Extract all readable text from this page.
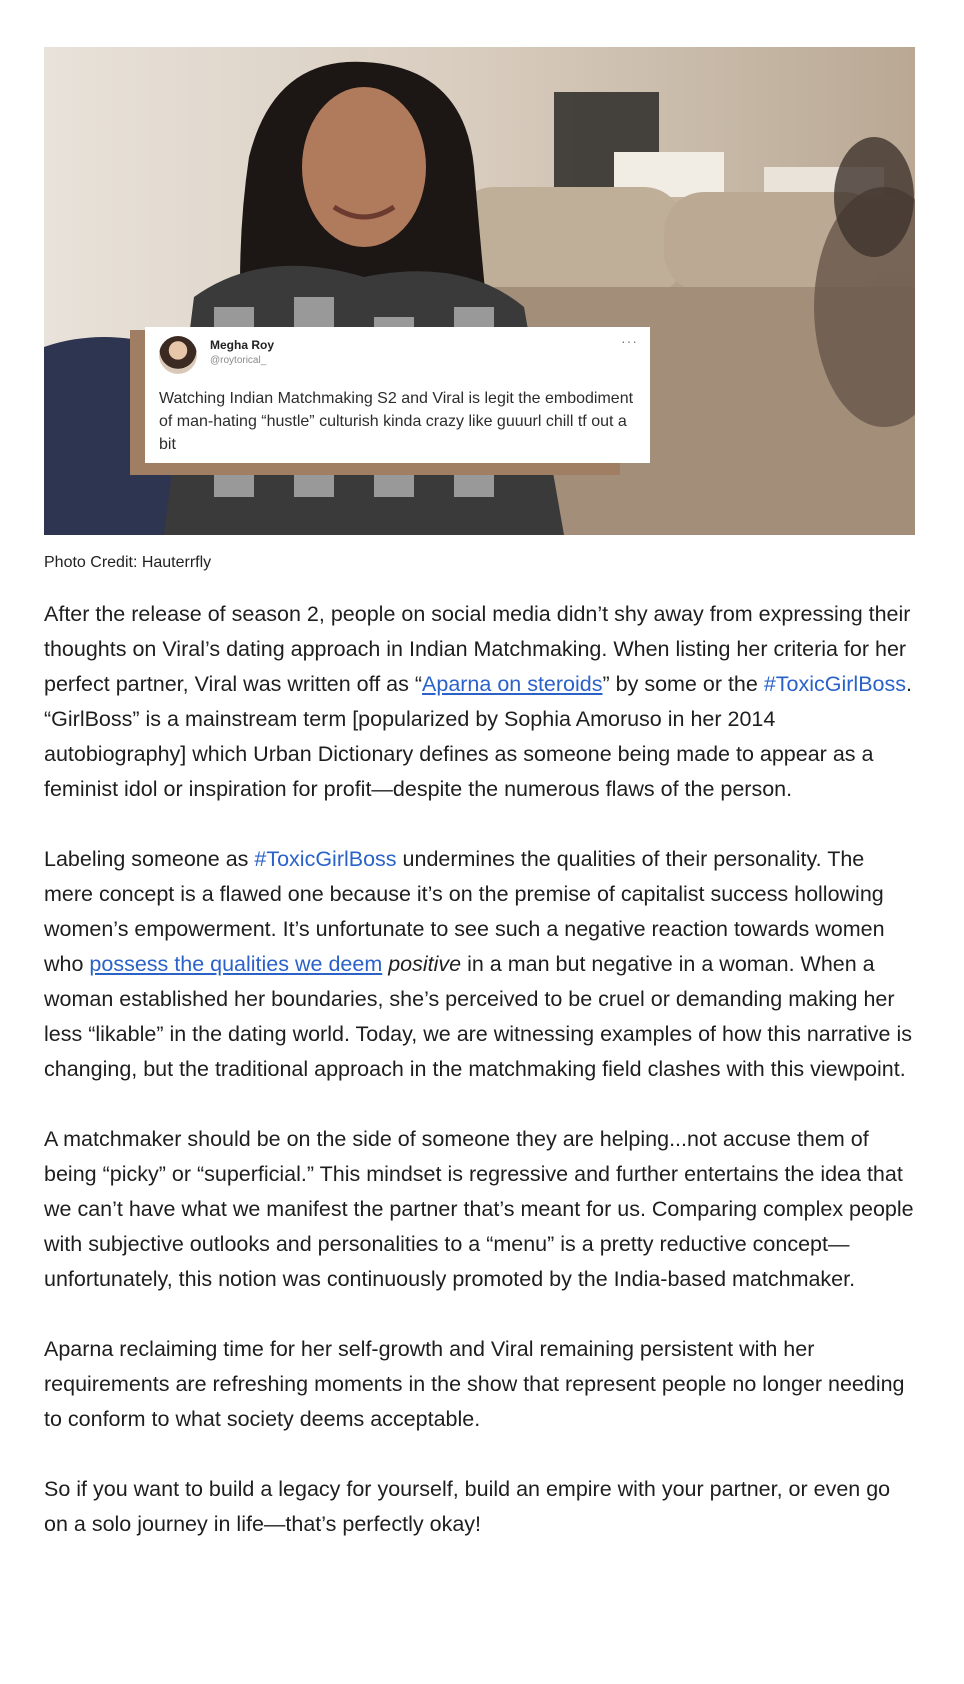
Megha Roy
@roytorical_
···
Watching Indian Matchmaking S2 and Viral is legit the embodiment of man-hating “hustle” culturish kinda crazy like guuurl chill tf out a bit
Photo Credit: Hauterrfly

After the release of season 2, people on social media didn’t shy away from expressing their thoughts on Viral’s dating approach in Indian Matchmaking. When listing her criteria for her perfect partner, Viral was written off as “Aparna on steroids” by some or the #ToxicGirlBoss. “GirlBoss” is a mainstream term [popularized by Sophia Amoruso in her 2014 autobiography] which Urban Dictionary defines as someone being made to appear as a feminist idol or inspiration for profit—despite the numerous flaws of the person.

Labeling someone as #ToxicGirlBoss undermines the qualities of their personality. The mere concept is a flawed one because it’s on the premise of capitalist success hollowing women’s empowerment. It’s unfortunate to see such a negative reaction towards women who possess the qualities we deem positive in a man but negative in a woman. When a woman established her boundaries, she’s perceived to be cruel or demanding making her less “likable” in the dating world. Today, we are witnessing examples of how this narrative is changing, but the traditional approach in the matchmaking field clashes with this viewpoint.

A matchmaker should be on the side of someone they are helping...not accuse them of being “picky” or “superficial.” This mindset is regressive and further entertains the idea that we can’t have what we manifest the partner that’s meant for us. Comparing complex people with subjective outlooks and personalities to a “menu” is a pretty reductive concept—unfortunately, this notion was continuously promoted by the India-based matchmaker.

Aparna reclaiming time for her self-growth and Viral remaining persistent with her requirements are refreshing moments in the show that represent people no longer needing to conform to what society deems acceptable.

So if you want to build a legacy for yourself, build an empire with your partner, or even go on a solo journey in life—that’s perfectly okay!
